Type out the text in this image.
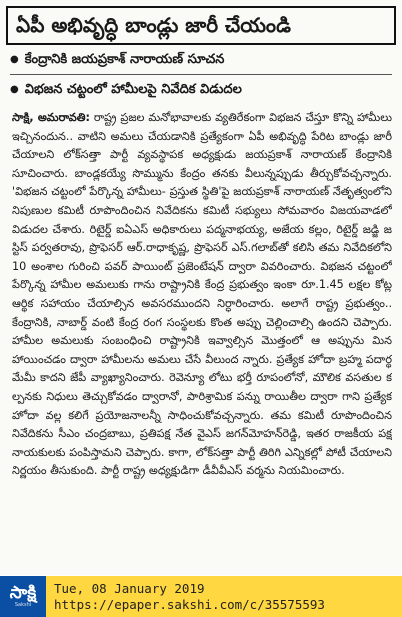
ఏపీ అభివృద్ధి బాండ్లు జారీ చేయండి
● కేంద్రానికి జయప్రకాశ్ నారాయణ్ సూచన
● విభజన చట్టంలో హామీలపై నివేదిక విడుదల
సాక్షి, అమరావతి: రాష్ట్ర ప్రజల మనోభావాలకు వ్యతిరేకంగా విభజన చేస్తూ కొన్ని హామీలు ఇచ్చినందున.. వాటిని అమలు చేయడానికి ప్రత్యేకంగా ఏపీ అభివృద్ధి పేరిట బాండ్లు జారీ చేయాలని లోక్‌సత్తా పార్టీ వ్యవస్థాపక అధ్యక్షుడు జయప్రకాశ్ నారాయణ్ కేంద్రానికి సూచించారు. బాండ్లకయ్యే సొమ్మును కేంద్రం తనకు వీలున్నప్పుడు తీర్చుకోవచ్చన్నారు. 'విభజన చట్టంలో పేర్కొన్న హామీలు- ప్రస్తుత స్థితి'పై జయప్రకాశ్ నారాయణ్ నేతృత్వంలోని నిపుణుల కమిటీ రూపొందించిన నివేదికను కమిటీ సభ్యులు సోమవారం విజయవాడలో విడుదల చేశారు. రిటైర్డ్ ఐఏఎస్ అధికారులు పద్మనాభయ్య, అజేయ కల్లం, రిటైర్డ్ జడ్జి జస్టిస్ పర్వతరావు, ప్రొఫెసర్ ఆర్.రాధాకృష్ణ, ప్రొఫెసర్ ఎస్.గలాబ్‌తో కలిసి తమ నివేదికలోని 10 అంశాల గురించి పవర్ పాయింట్ ప్రజెంటేషన్ ద్వారా వివరించారు. విభజన చట్టంలో పేర్కొన్న హామీల అమలుకు గాను రాష్ట్రానికి కేంద్ర ప్రభుత్వం ఇంకా రూ.1.45 లక్షల కోట్ల ఆర్థిక సహాయం చేయాల్సిన అవసరముందని నిర్ధారించారు. అలాగే రాష్ట్ర ప్రభుత్వం.. కేంద్రానికి, నాబార్డ్ వంటి కేంద్ర రంగ సంస్థలకు కొంత అప్పు చెల్లించాల్సి ఉందని చెప్పారు. హామీల అమలుకు సంబంధించి రాష్ట్రానికి ఇవ్వాల్సిన మొత్తంలో ఆ అప్పును మినహాయించడం ద్వారా హామీలను అమలు చేసే వీలుంద న్నారు. ప్రత్యేక హోదా బ్రహ్మ పదార్థమేమీ కాదని జేపీ వ్యాఖ్యానించారు. రెవెన్యూ లోటు భర్తీ రూపంలోనో, మౌలిక వసతుల కల్పనకు నిధులు తెచ్చుకోవడం ద్వారానో, పారిశ్రామిక పన్ను రాయితీల ద్వారా గాని ప్రత్యేక హోదా వల్ల కలిగే ప్రయోజనాలన్నీ సాధించుకోవచ్చన్నారు. తమ కమిటీ రూపొందించిన నివేదికను సీఎం చంద్రబాబు, ప్రతిపక్ష నేత వైఎస్ జగన్‌మోహన్‌రెడ్డి, ఇతర రాజకీయ పక్ష నాయకులకు పంపిస్తామని చెప్పారు. కాగా, లోక్‌సత్తా పార్టీ తిరిగి ఎన్నికల్లో పోటీ చేయాలని నిర్ణయం తీసుకుంది. పార్టీ రాష్ట్ర అధ్యక్షుడిగా డీవీవీఎస్ వర్మను నియమించారు.
సాక్షి
Sakshi
Tue, 08 January 2019
https://epaper.sakshi.com/c/35575593
